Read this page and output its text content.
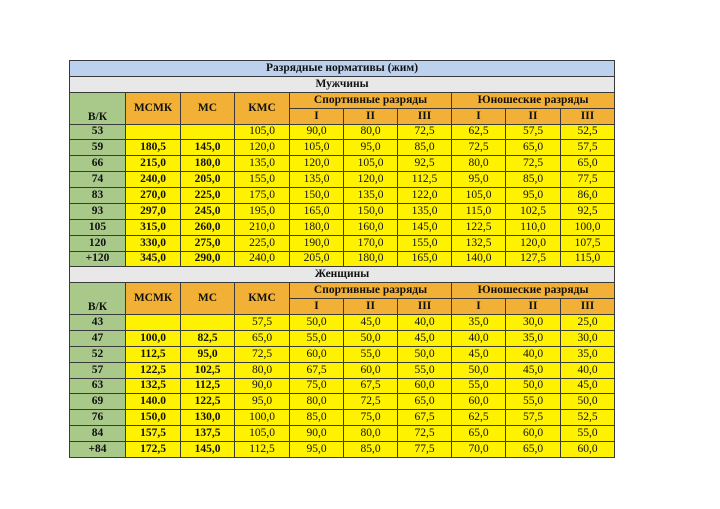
Разрядные нормативы (жим)									
Мужчины									
В/К	МСМК	МС	КМС	Спортивные разряды			Юношеские разряды		
				I	II	III	I	II	III
53			105,0	90,0	80,0	72,5	62,5	57,5	52,5
59	180,5	145,0	120,0	105,0	95,0	85,0	72,5	65,0	57,5
66	215,0	180,0	135,0	120,0	105,0	92,5	80,0	72,5	65,0
74	240,0	205,0	155,0	135,0	120,0	112,5	95,0	85,0	77,5
83	270,0	225,0	175,0	150,0	135,0	122,0	105,0	95,0	86,0
93	297,0	245,0	195,0	165,0	150,0	135,0	115,0	102,5	92,5
105	315,0	260,0	210,0	180,0	160,0	145,0	122,5	110,0	100,0
120	330,0	275,0	225,0	190,0	170,0	155,0	132,5	120,0	107,5
+120	345,0	290,0	240,0	205,0	180,0	165,0	140,0	127,5	115,0
Женщины									
В/К	МСМК	МС	КМС	Спортивные разряды			Юношеские разряды		
				I	II	III	I	II	III
43			57,5	50,0	45,0	40,0	35,0	30,0	25,0
47	100,0	82,5	65,0	55,0	50,0	45,0	40,0	35,0	30,0
52	112,5	95,0	72,5	60,0	55,0	50,0	45,0	40,0	35,0
57	122,5	102,5	80,0	67,5	60,0	55,0	50,0	45,0	40,0
63	132,5	112,5	90,0	75,0	67,5	60,0	55,0	50,0	45,0
69	140.0	122,5	95,0	80,0	72,5	65,0	60,0	55,0	50,0
76	150,0	130,0	100,0	85,0	75,0	67,5	62,5	57,5	52,5
84	157,5	137,5	105,0	90,0	80,0	72,5	65,0	60,0	55,0
+84	172,5	145,0	112,5	95,0	85,0	77,5	70,0	65,0	60,0
